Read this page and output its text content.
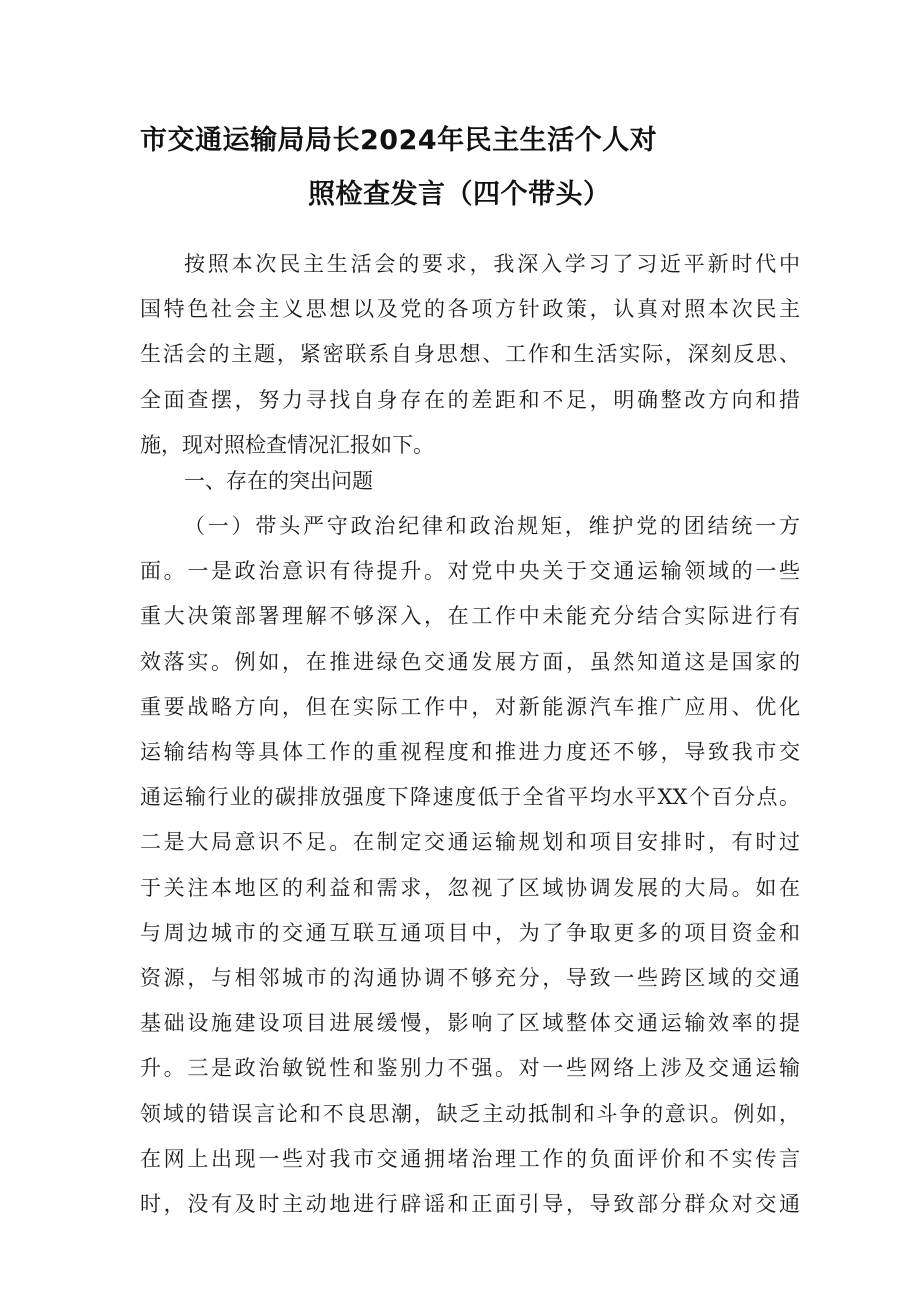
市交通运输局局长2024年民主生活个人对
照检查发言（四个带头）
按照本次民主生活会的要求，我深入学习了习近平新时代中
国特色社会主义思想以及党的各项方针政策，认真对照本次民主
生活会的主题，紧密联系自身思想、工作和生活实际，深刻反思、
全面查摆，努力寻找自身存在的差距和不足，明确整改方向和措
施，现对照检查情况汇报如下。
一、存在的突出问题
（一）带头严守政治纪律和政治规矩，维护党的团结统一方
面。一是政治意识有待提升。对党中央关于交通运输领域的一些
重大决策部署理解不够深入，在工作中未能充分结合实际进行有
效落实。例如，在推进绿色交通发展方面，虽然知道这是国家的
重要战略方向，但在实际工作中，对新能源汽车推广应用、优化
运输结构等具体工作的重视程度和推进力度还不够，导致我市交
通运输行业的碳排放强度下降速度低于全省平均水平XX个百分点。
二是大局意识不足。在制定交通运输规划和项目安排时，有时过
于关注本地区的利益和需求，忽视了区域协调发展的大局。如在
与周边城市的交通互联互通项目中，为了争取更多的项目资金和
资源，与相邻城市的沟通协调不够充分，导致一些跨区域的交通
基础设施建设项目进展缓慢，影响了区域整体交通运输效率的提
升。三是政治敏锐性和鉴别力不强。对一些网络上涉及交通运输
领域的错误言论和不良思潮，缺乏主动抵制和斗争的意识。例如，
在网上出现一些对我市交通拥堵治理工作的负面评价和不实传言
时，没有及时主动地进行辟谣和正面引导，导致部分群众对交通
